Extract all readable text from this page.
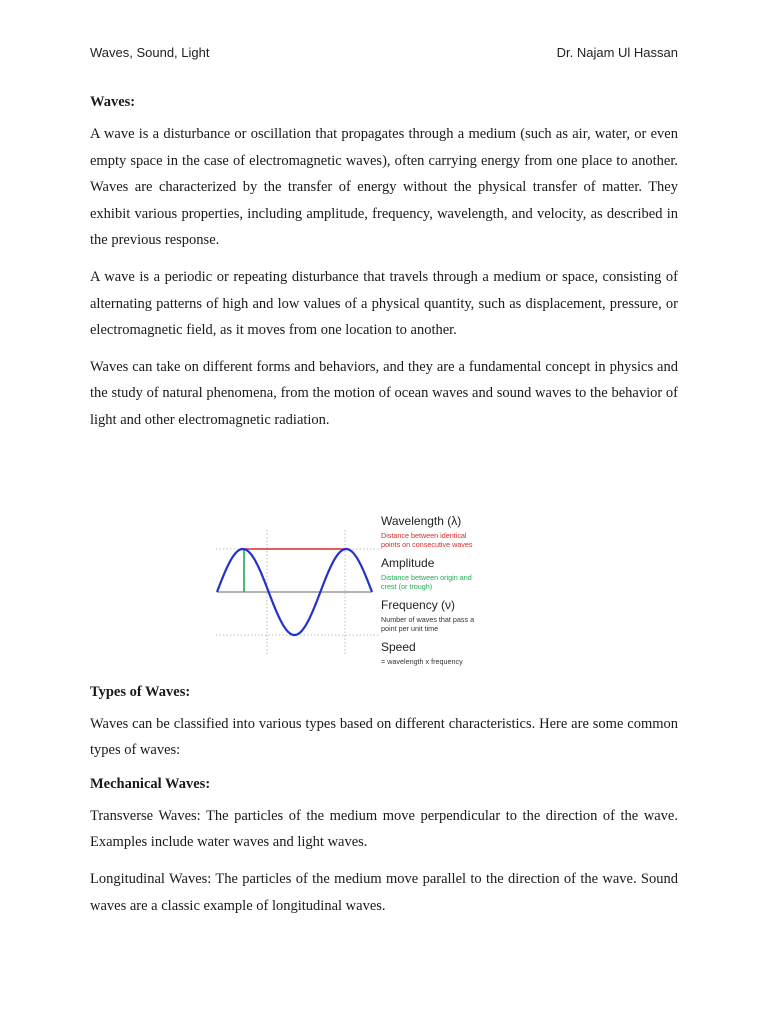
Waves, Sound, Light	Dr. Najam Ul Hassan
Waves:

A wave is a disturbance or oscillation that propagates through a medium (such as air, water, or even empty space in the case of electromagnetic waves), often carrying energy from one place to another. Waves are characterized by the transfer of energy without the physical transfer of matter. They exhibit various properties, including amplitude, frequency, wavelength, and velocity, as described in the previous response.

A wave is a periodic or repeating disturbance that travels through a medium or space, consisting of alternating patterns of high and low values of a physical quantity, such as displacement, pressure, or electromagnetic field, as it moves from one location to another.

Waves can take on different forms and behaviors, and they are a fundamental concept in physics and the study of natural phenomena, from the motion of ocean waves and sound waves to the behavior of light and other electromagnetic radiation.

Wavelength (λ)
Distance between identical
points on consecutive waves
Amplitude
Distance between origin and
crest (or trough)
Frequency (ν)
Number of waves that pass a
point per unit time
Speed
= wavelength x frequency
Types of Waves:

Waves can be classified into various types based on different characteristics. Here are some common types of waves:

Mechanical Waves:

Transverse Waves: The particles of the medium move perpendicular to the direction of the wave. Examples include water waves and light waves.

Longitudinal Waves: The particles of the medium move parallel to the direction of the wave. Sound waves are a classic example of longitudinal waves.
